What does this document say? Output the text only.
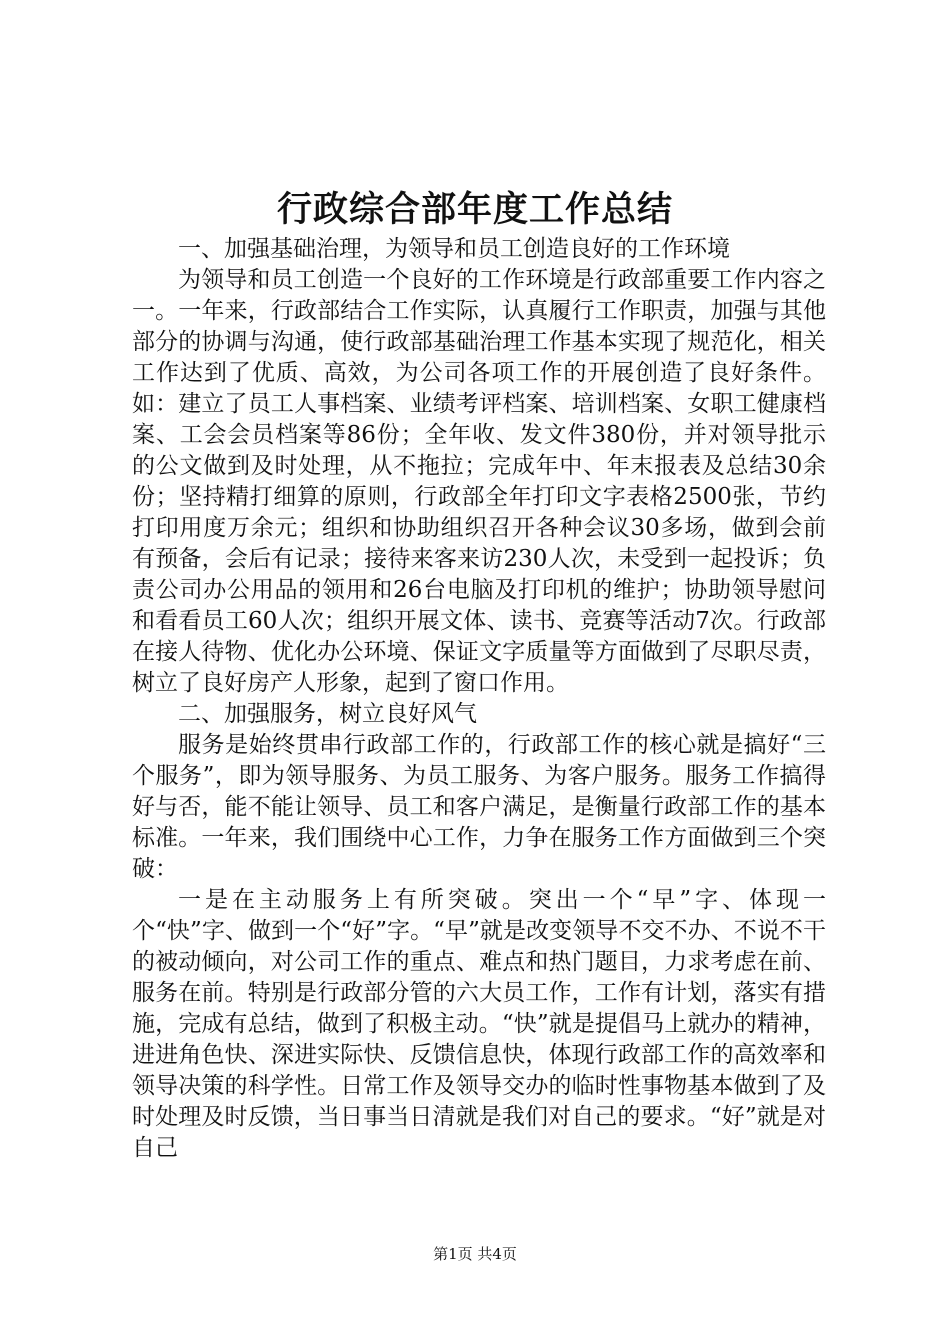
行政综合部年度工作总结

一、加强基础治理，为领导和员工创造良好的工作环境

为领导和员工创造一个良好的工作环境是行政部重要工作内容之一。一年来，行政部结合工作实际，认真履行工作职责，加强与其他部分的协调与沟通，使行政部基础治理工作基本实现了规范化，相关工作达到了优质、高效，为公司各项工作的开展创造了良好条件。如：建立了员工人事档案、业绩考评档案、培训档案、女职工健康档案、工会会员档案等86份；全年收、发文件380份，并对领导批示的公文做到及时处理，从不拖拉；完成年中、年末报表及总结30余份；坚持精打细算的原则，行政部全年打印文字表格2500张，节约打印用度万余元；组织和协助组织召开各种会议30多场，做到会前有预备，会后有记录；接待来客来访230人次，未受到一起投诉；负责公司办公用品的领用和26台电脑及打印机的维护；协助领导慰问和看看员工60人次；组织开展文体、读书、竞赛等活动7次。行政部在接人待物、优化办公环境、保证文字质量等方面做到了尽职尽责，树立了良好房产人形象，起到了窗口作用。

二、加强服务，树立良好风气

服务是始终贯串行政部工作的，行政部工作的核心就是搞好“三个服务”，即为领导服务、为员工服务、为客户服务。服务工作搞得好与否，能不能让领导、员工和客户满足，是衡量行政部工作的基本标准。一年来，我们围绕中心工作，力争在服务工作方面做到三个突破：

一是在主动服务上有所突破。突出一个“早”字、体现一个“快”字、做到一个“好”字。“早”就是改变领导不交不办、不说不干的被动倾向，对公司工作的重点、难点和热门题目，力求考虑在前、服务在前。特别是行政部分管的六大员工作，工作有计划，落实有措施，完成有总结，做到了积极主动。“快”就是提倡马上就办的精神，进进角色快、深进实际快、反馈信息快，体现行政部工作的高效率和领导决策的科学性。日常工作及领导交办的临时性事物基本做到了及时处理及时反馈，当日事当日清就是我们对自己的要求。“好”就是对自己

第1页 共4页
